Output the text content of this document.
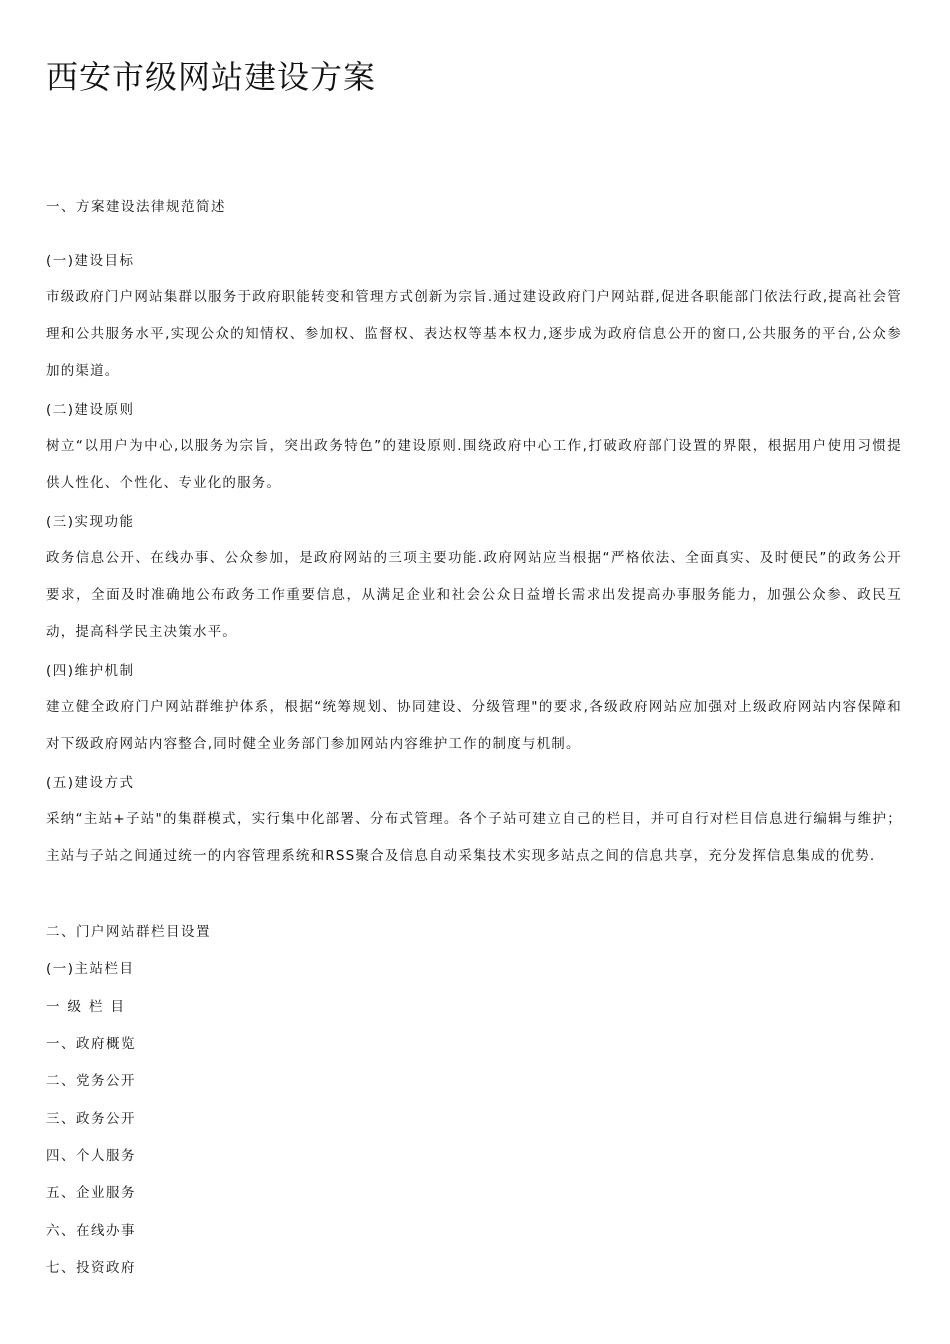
西安市级网站建设方案

一、方案建设法律规范简述

(一)建设目标

市级政府门户网站集群以服务于政府职能转变和管理方式创新为宗旨.通过建设政府门户网站群,促进各职能部门依法行政,提高社会管理和公共服务水平,实现公众的知情权、参加权、监督权、表达权等基本权力,逐步成为政府信息公开的窗口,公共服务的平台,公众参加的渠道。

(二)建设原则

树立“以用户为中心,以服务为宗旨，突出政务特色”的建设原则.围绕政府中心工作,打破政府部门设置的界限，根据用户使用习惯提供人性化、个性化、专业化的服务。

(三)实现功能

政务信息公开、在线办事、公众参加，是政府网站的三项主要功能.政府网站应当根据“严格依法、全面真实、及时便民”的政务公开要求，全面及时准确地公布政务工作重要信息，从满足企业和社会公众日益增长需求出发提高办事服务能力，加强公众参、政民互动，提高科学民主决策水平。

(四)维护机制

建立健全政府门户网站群维护体系，根据“统筹规划、协同建设、分级管理"的要求,各级政府网站应加强对上级政府网站内容保障和对下级政府网站内容整合,同时健全业务部门参加网站内容维护工作的制度与机制。

(五)建设方式

采纳“主站+子站"的集群模式，实行集中化部署、分布式管理。各个子站可建立自己的栏目，并可自行对栏目信息进行编辑与维护；主站与子站之间通过统一的内容管理系统和RSS聚合及信息自动采集技术实现多站点之间的信息共享，充分发挥信息集成的优势.

二、门户网站群栏目设置

(一)主站栏目

一级栏目

一、政府概览

二、党务公开

三、政务公开

四、个人服务

五、企业服务

六、在线办事

七、投资政府
